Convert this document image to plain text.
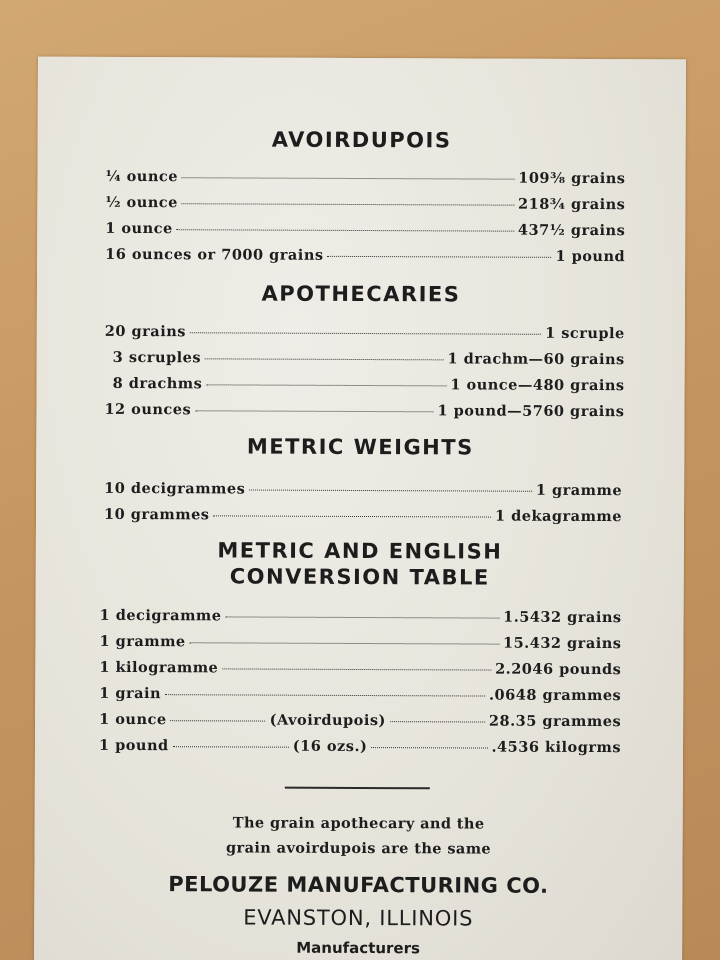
AVOIRDUPOIS
¼ ounce	109⅜ grains
½ ounce	218¾ grains
1 ounce	437½ grains
16 ounces or 7000 grains	1 pound
APOTHECARIES
20 grains	1 scruple
3 scruples	1 drachm—60 grains
8 drachms	1 ounce—480 grains
12 ounces	1 pound—5760 grains
METRIC WEIGHTS
10 decigrammes	1 gramme
10 grammes	1 dekagramme
METRIC AND ENGLISH
CONVERSION TABLE
1 decigramme	1.5432 grains
1 gramme	15.432 grains
1 kilogramme	2.2046 pounds
1 grain	.0648 grammes
1 ounce	(Avoirdupois)	28.35 grammes
1 pound	(16 ozs.)	.4536 kilogrms
The grain apothecary and the
grain avoirdupois are the same
PELOUZE MANUFACTURING CO.
EVANSTON, ILLINOIS
Manufacturers
